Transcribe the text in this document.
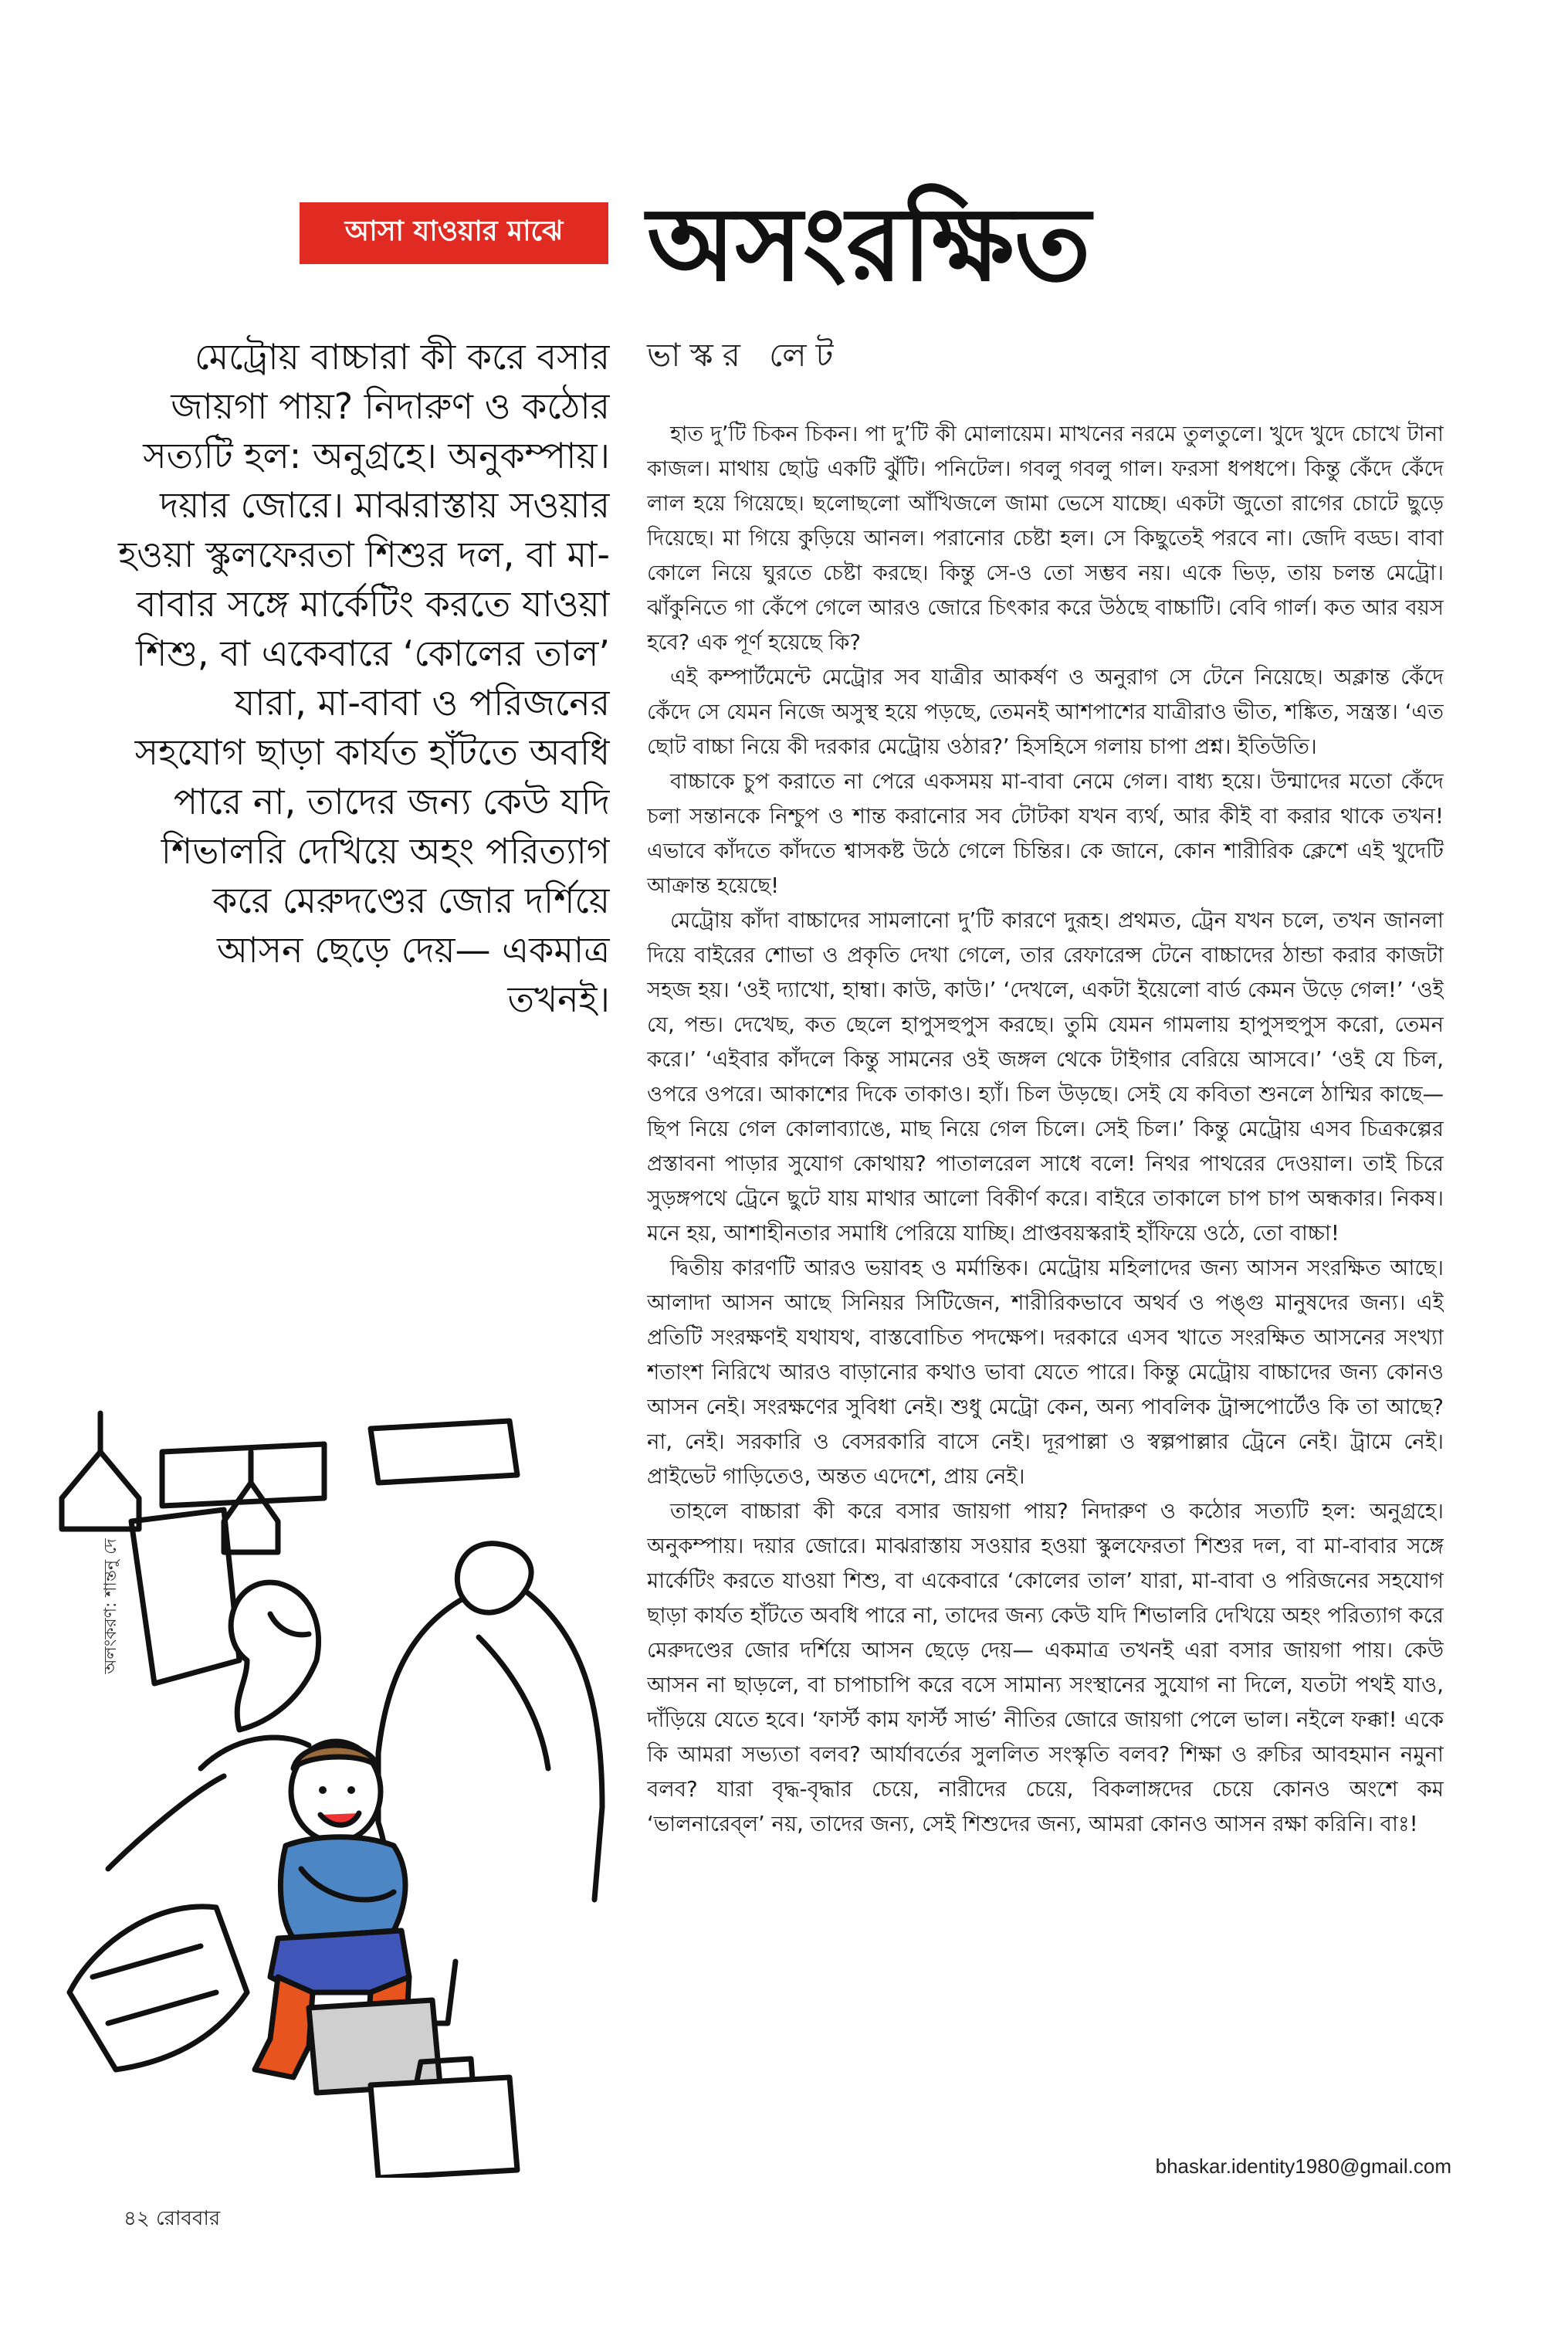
আসা যাওয়ার মাঝে অসংরক্ষিত
ভাস্কর লেট

মেট্রোয় বাচ্চারা কী করে বসার জায়গা পায়? নিদারুণ ও কঠোর সত্যটি হল: অনুগ্রহে। অনুকম্পায়। দয়ার জোরে। মাঝরাস্তায় সওয়ার হওয়া স্কুলফেরতা শিশুর দল, বা মা-বাবার সঙ্গে মার্কেটিং করতে যাওয়া শিশু, বা একেবারে ‘কোলের তাল’ যারা, মা-বাবা ও পরিজনের সহযোগ ছাড়া কার্যত হাঁটতে অবধি পারে না, তাদের জন্য কেউ যদি শিভালরি দেখিয়ে অহং পরিত্যাগ করে মেরুদণ্ডের জোর দর্শিয়ে আসন ছেড়ে দেয়— একমাত্র তখনই।

হাত দু’টি চিকন চিকন। পা দু’টি কী মোলায়েম। মাখনের নরমে তুলতুলে। খুদে খুদে চোখে টানা কাজল। মাথায় ছোট্ট একটি ঝুঁটি। পনিটেল। গবলু গবলু গাল। ফরসা ধপধপে। কিন্তু কেঁদে কেঁদে লাল হয়ে গিয়েছে। ছলোছলো আঁখিজলে জামা ভেসে যাচ্ছে। একটা জুতো রাগের চোটে ছুড়ে দিয়েছে। মা গিয়ে কুড়িয়ে আনল। পরানোর চেষ্টা হল। সে কিছুতেই পরবে না। জেদি বড্ড। বাবা কোলে নিয়ে ঘুরতে চেষ্টা করছে। কিন্তু সে-ও তো সম্ভব নয়। একে ভিড়, তায় চলন্ত মেট্রো। ঝাঁকুনিতে গা কেঁপে গেলে আরও জোরে চিৎকার করে উঠছে বাচ্চাটি। বেবি গার্ল। কত আর বয়স হবে? এক পূর্ণ হয়েছে কি?

এই কম্পার্টমেন্টে মেট্রোর সব যাত্রীর আকর্ষণ ও অনুরাগ সে টেনে নিয়েছে। অক্লান্ত কেঁদে কেঁদে সে যেমন নিজে অসুস্থ হয়ে পড়ছে, তেমনই আশপাশের যাত্রীরাও ভীত, শঙ্কিত, সন্ত্রস্ত। ‘এত ছোট বাচ্চা নিয়ে কী দরকার মেট্রোয় ওঠার?’ হিসহিসে গলায় চাপা প্রশ্ন। ইতিউতি।

বাচ্চাকে চুপ করাতে না পেরে একসময় মা-বাবা নেমে গেল। বাধ্য হয়ে। উন্মাদের মতো কেঁদে চলা সন্তানকে নিশ্চুপ ও শান্ত করানোর সব টোটকা যখন ব্যর্থ, আর কীই বা করার থাকে তখন! এভাবে কাঁদতে কাঁদতে শ্বাসকষ্ট উঠে গেলে চিন্তির। কে জানে, কোন শারীরিক ক্লেশে এই খুদেটি আক্রান্ত হয়েছে!

মেট্রোয় কাঁদা বাচ্চাদের সামলানো দু’টি কারণে দুরূহ। প্রথমত, ট্রেন যখন চলে, তখন জানলা দিয়ে বাইরের শোভা ও প্রকৃতি দেখা গেলে, তার রেফারেন্স টেনে বাচ্চাদের ঠান্ডা করার কাজটা সহজ হয়। ‘ওই দ্যাখো, হাম্বা। কাউ, কাউ।’ ‘দেখলে, একটা ইয়েলো বার্ড কেমন উড়ে গেল!’ ‘ওই যে, পন্ড। দেখেছ, কত ছেলে হাপুসহুপুস করছে। তুমি যেমন গামলায় হাপুসহুপুস করো, তেমন করে।’ ‘এইবার কাঁদলে কিন্তু সামনের ওই জঙ্গল থেকে টাইগার বেরিয়ে আসবে।’ ‘ওই যে চিল, ওপরে ওপরে। আকাশের দিকে তাকাও। হ্যাঁ। চিল উড়ছে। সেই যে কবিতা শুনলে ঠাম্মির কাছে— ছিপ নিয়ে গেল কোলাব্যাঙে, মাছ নিয়ে গেল চিলে। সেই চিল।’ কিন্তু মেট্রোয় এসব চিত্রকল্পের প্রস্তাবনা পাড়ার সুযোগ কোথায়? পাতালরেল সাধে বলে! নিথর পাথরের দেওয়াল। তাই চিরে সুড়ঙ্গপথে ট্রেনে ছুটে যায় মাথার আলো বিকীর্ণ করে। বাইরে তাকালে চাপ চাপ অন্ধকার। নিকষ। মনে হয়, আশাহীনতার সমাধি পেরিয়ে যাচ্ছি। প্রাপ্তবয়স্করাই হাঁফিয়ে ওঠে, তো বাচ্চা!

দ্বিতীয় কারণটি আরও ভয়াবহ ও মর্মান্তিক। মেট্রোয় মহিলাদের জন্য আসন সংরক্ষিত আছে। আলাদা আসন আছে সিনিয়র সিটিজেন, শারীরিকভাবে অথর্ব ও পঙ্গু মানুষদের জন্য। এই প্রতিটি সংরক্ষণই যথাযথ, বাস্তবোচিত পদক্ষেপ। দরকারে এসব খাতে সংরক্ষিত আসনের সংখ্যা শতাংশ নিরিখে আরও বাড়ানোর কথাও ভাবা যেতে পারে। কিন্তু মেট্রোয় বাচ্চাদের জন্য কোনও আসন নেই। সংরক্ষণের সুবিধা নেই। শুধু মেট্রো কেন, অন্য পাবলিক ট্রান্সপোর্টেও কি তা আছে? না, নেই। সরকারি ও বেসরকারি বাসে নেই। দূরপাল্লা ও স্বল্পপাল্লার ট্রেনে নেই। ট্রামে নেই। প্রাইভেট গাড়িতেও, অন্তত এদেশে, প্রায় নেই।

তাহলে বাচ্চারা কী করে বসার জায়গা পায়? নিদারুণ ও কঠোর সত্যটি হল: অনুগ্রহে। অনুকম্পায়। দয়ার জোরে। মাঝরাস্তায় সওয়ার হওয়া স্কুলফেরতা শিশুর দল, বা মা-বাবার সঙ্গে মার্কেটিং করতে যাওয়া শিশু, বা একেবারে ‘কোলের তাল’ যারা, মা-বাবা ও পরিজনের সহযোগ ছাড়া কার্যত হাঁটতে অবধি পারে না, তাদের জন্য কেউ যদি শিভালরি দেখিয়ে অহং পরিত্যাগ করে মেরুদণ্ডের জোর দর্শিয়ে আসন ছেড়ে দেয়— একমাত্র তখনই এরা বসার জায়গা পায়। কেউ আসন না ছাড়লে, বা চাপাচাপি করে বসে সামান্য সংস্থানের সুযোগ না দিলে, যতটা পথই যাও, দাঁড়িয়ে যেতে হবে। ‘ফার্স্ট কাম ফার্স্ট সার্ভ’ নীতির জোরে জায়গা পেলে ভাল। নইলে ফক্কা! একে কি আমরা সভ্যতা বলব? আর্যাবর্তের সুললিত সংস্কৃতি বলব? শিক্ষা ও রুচির আবহমান নমুনা বলব? যারা বৃদ্ধ-বৃদ্ধার চেয়ে, নারীদের চেয়ে, বিকলাঙ্গদের চেয়ে কোনও অংশে কম ‘ভালনারেব্‌ল’ নয়, তাদের জন্য, সেই শিশুদের জন্য, আমরা কোনও আসন রক্ষা করিনি। বাঃ!

bhaskar.identity1980@gmail.com
৪২ রোববার
অলংকরণ: শান্তনু দে
